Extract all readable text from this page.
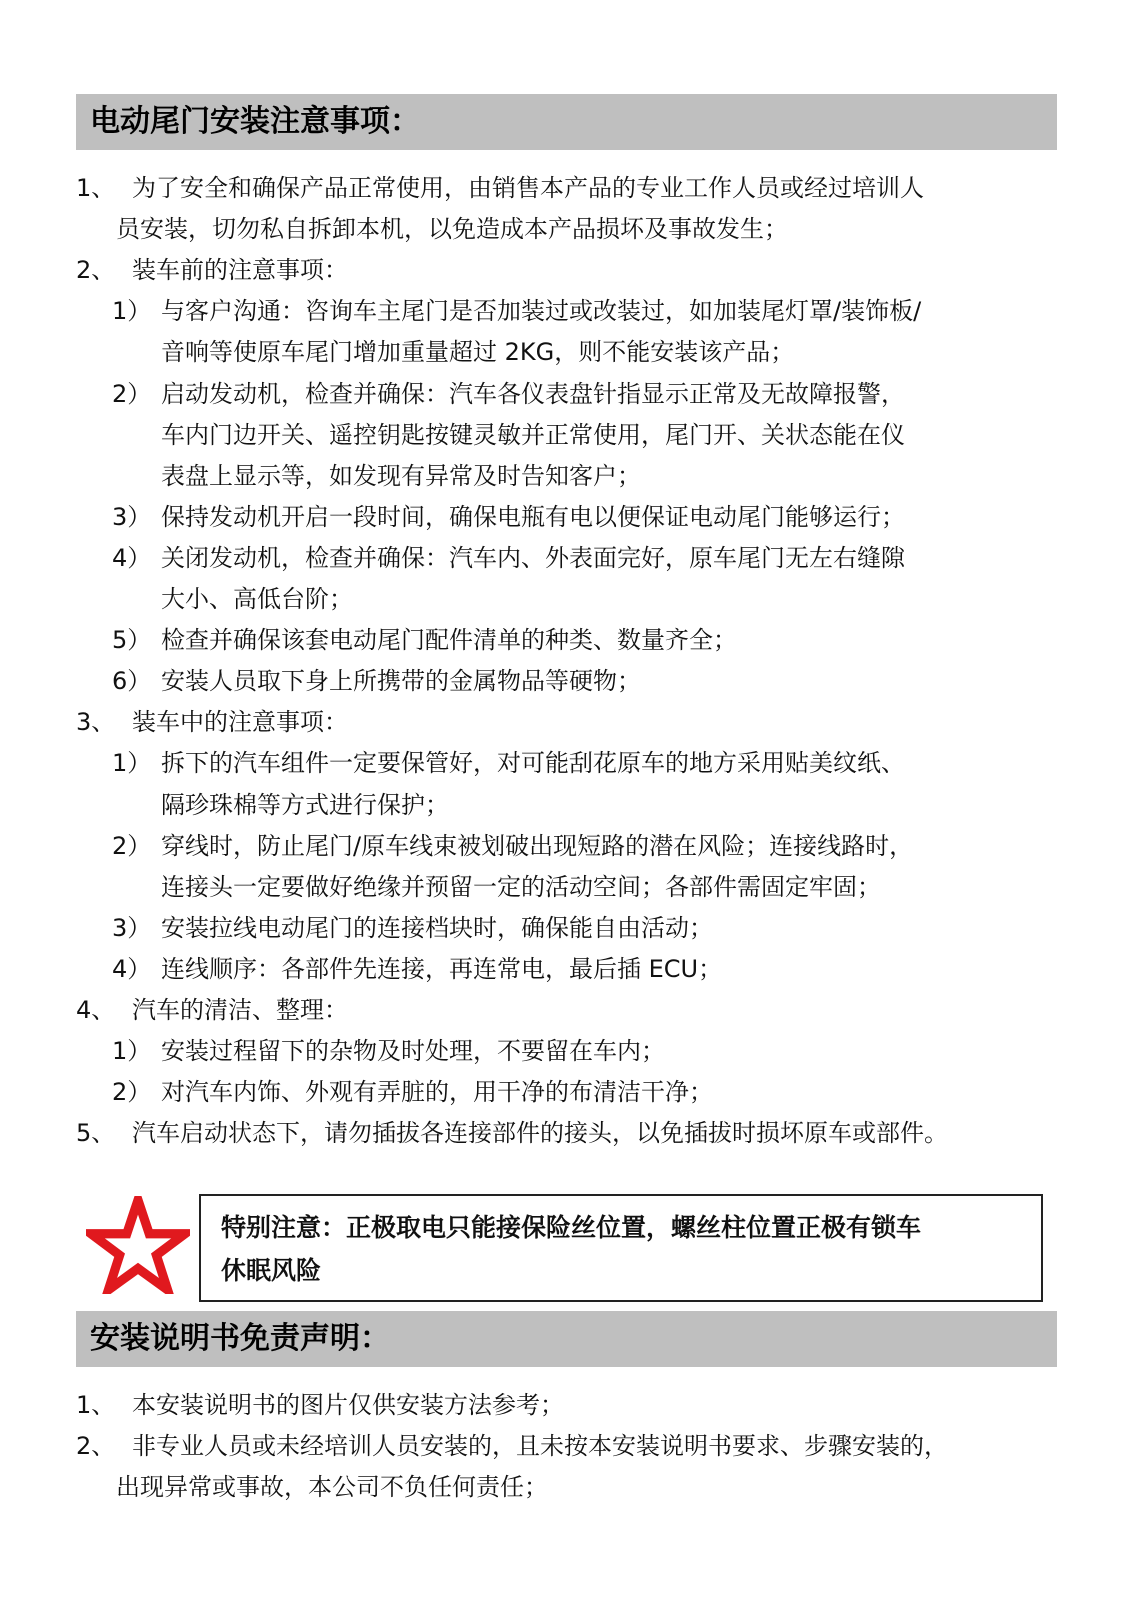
电动尾门安装注意事项：
1、 为了安全和确保产品正常使用，由销售本产品的专业工作人员或经过培训人
员安装，切勿私自拆卸本机，以免造成本产品损坏及事故发生；
2、 装车前的注意事项：
1） 与客户沟通：咨询车主尾门是否加装过或改装过，如加装尾灯罩/装饰板/
音响等使原车尾门增加重量超过 2KG，则不能安装该产品；
2） 启动发动机，检查并确保：汽车各仪表盘针指显示正常及无故障报警，
车内门边开关、遥控钥匙按键灵敏并正常使用，尾门开、关状态能在仪
表盘上显示等，如发现有异常及时告知客户；
3） 保持发动机开启一段时间，确保电瓶有电以便保证电动尾门能够运行；
4） 关闭发动机，检查并确保：汽车内、外表面完好，原车尾门无左右缝隙
大小、高低台阶；
5） 检查并确保该套电动尾门配件清单的种类、数量齐全；
6） 安装人员取下身上所携带的金属物品等硬物；
3、 装车中的注意事项：
1） 拆下的汽车组件一定要保管好，对可能刮花原车的地方采用贴美纹纸、
隔珍珠棉等方式进行保护；
2） 穿线时，防止尾门/原车线束被划破出现短路的潜在风险；连接线路时，
连接头一定要做好绝缘并预留一定的活动空间；各部件需固定牢固；
3） 安装拉线电动尾门的连接档块时，确保能自由活动；
4） 连线顺序：各部件先连接，再连常电，最后插 ECU；
4、 汽车的清洁、整理：
1） 安装过程留下的杂物及时处理，不要留在车内；
2） 对汽车内饰、外观有弄脏的，用干净的布清洁干净；
5、 汽车启动状态下，请勿插拔各连接部件的接头，以免插拔时损坏原车或部件。
特别注意：正极取电只能接保险丝位置，螺丝柱位置正极有锁车
休眠风险
安装说明书免责声明：
1、 本安装说明书的图片仅供安装方法参考；
2、 非专业人员或未经培训人员安装的，且未按本安装说明书要求、步骤安装的，
出现异常或事故，本公司不负任何责任；
